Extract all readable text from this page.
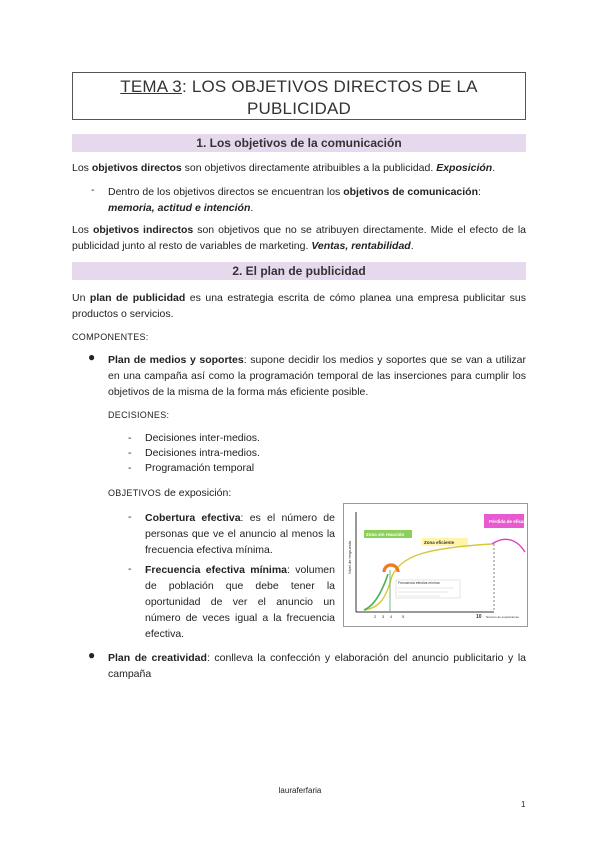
TEMA 3: LOS OBJETIVOS DIRECTOS DE LA
PUBLICIDAD
1. Los objetivos de la comunicación
Los objetivos directos son objetivos directamente atribuibles a la publicidad. Exposición.
- Dentro de los objetivos directos se encuentran los objetivos de comunicación:
memoria, actitud e intención.
Los objetivos indirectos son objetivos que no se atribuyen directamente. Mide el efecto de la publicidad junto al resto de variables de marketing. Ventas, rentabilidad.
2. El plan de publicidad
Un plan de publicidad es una estrategia escrita de cómo planea una empresa publicitar sus productos o servicios.
COMPONENTES:
● Plan de medios y soportes: supone decidir los medios y soportes que se van a utilizar en una campaña así como la programación temporal de las inserciones para cumplir los objetivos de la misma de la forma más eficiente posible.
DECISIONES:
- Decisiones inter-medios.
- Decisiones intra-medios.
- Programación temporal
OBJETIVOS de exposición:
- Cobertura efectiva: es el número de personas que ve el anuncio al menos la frecuencia efectiva mínima.
- Frecuencia efectiva mínima: volumen de población que debe tener la oportunidad de ver el anuncio un número de veces igual a la frecuencia efectiva.
Nivel de respuesta
Zona sin reacción
Zona eficiente
Pérdida de eficacia
Frecuencia efectiva mínima
2 3 4 5	10 Número de exposiciones
● Plan de creatividad: conlleva la confección y elaboración del anuncio publicitario y la campaña
lauraferfaria
1
